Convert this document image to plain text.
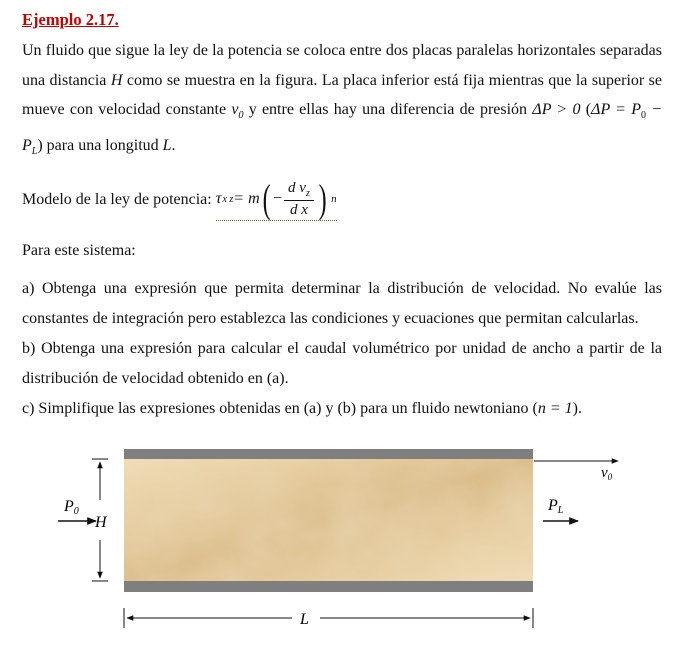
Ejemplo 2.17.

Un fluido que sigue la ley de la potencia se coloca entre dos placas paralelas horizontales separadas una distancia H como se muestra en la figura. La placa inferior está fija mientras que la superior se mueve con velocidad constante $v_0$ y entre ellas hay una diferencia de presión ΔP > 0 $(\Delta P = P_0 - P_L)$ para una longitud L.

Modelo de la ley de potencia: τ x z = m ( − $\frac{d v_z}{\text{d x}}$ ) n

Para este sistema:

a) Obtenga una expresión que permita determinar la distribución de velocidad. No evalúe las constantes de integración pero establezca las condiciones y ecuaciones que permitan calcularlas.

b) Obtenga una expresión para calcular el caudal volumétrico por unidad de ancho a partir de la distribución de velocidad obtenido en (a).

c) Simplifique las expresiones obtenidas en (a) y (b) para un fluido newtoniano (n = 1).

H
P0	PL
$v_0$
L
